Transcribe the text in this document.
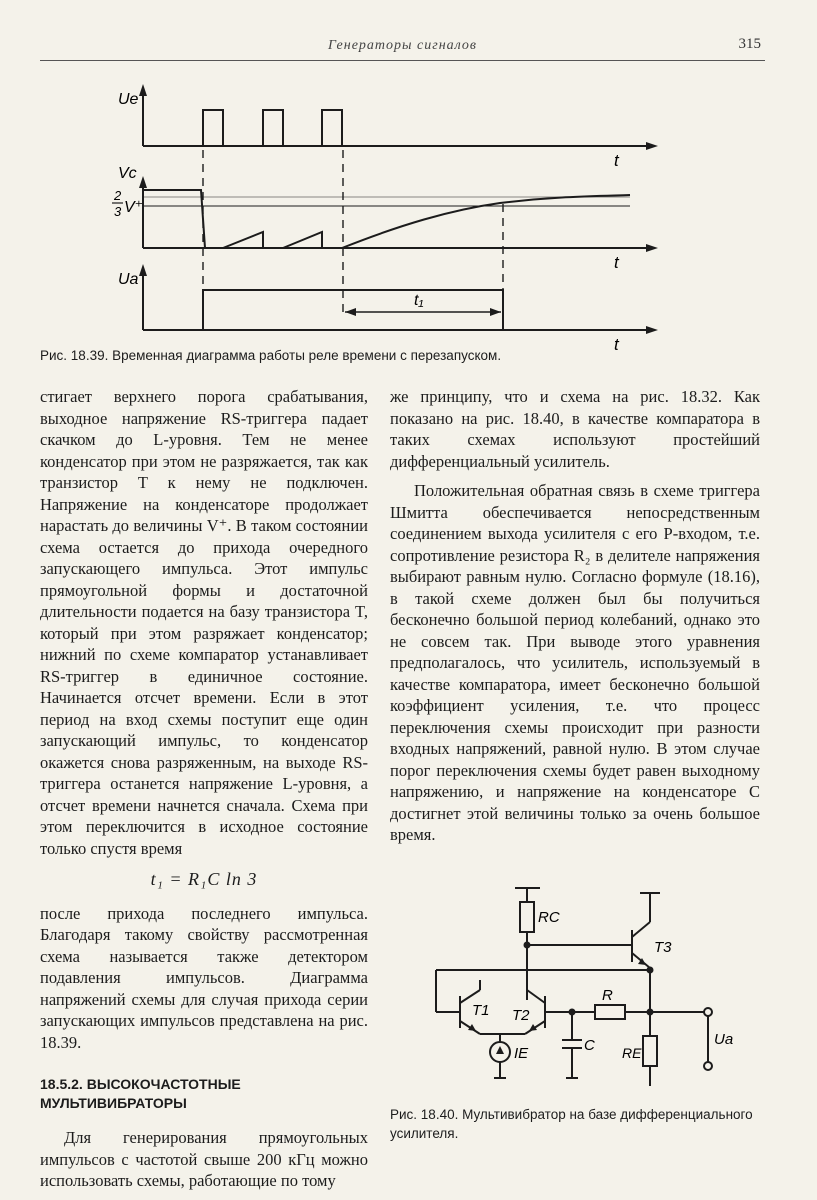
Генераторы сигналов	315
Ue
Vc
2
3 V⁺
Ua
t₁
t
t
t
Рис. 18.39. Временная диаграмма работы реле времени с перезапуском.

стигает верхнего порога срабатывания, выходное напряжение RS-триггера падает скачком до L-уровня. Тем не менее конденсатор при этом не разряжается, так как транзистор T к нему не подключен. Напряжение на конденсаторе продолжает нарастать до величины V⁺. В таком состоянии схема остается до прихода очередного запускающего импульса. Этот импульс прямоугольной формы и достаточной длительности подается на базу транзистора T, который при этом разряжает конденсатор; нижний по схеме компаратор устанавливает RS-триггер в единичное состояние. Начинается отсчет времени. Если в этот период на вход схемы поступит еще один запускающий импульс, то конденсатор окажется снова разряженным, на выходе RS-триггера останется напряжение L-уровня, а отсчет времени начнется сначала. Схема при этом переключится в исходное состояние только спустя время

t₁ = R₁C ln 3

после прихода последнего импульса. Благодаря такому свойству рассмотренная схема называется также детектором подавления импульсов. Диаграмма напряжений схемы для случая прихода серии запускающих импульсов представлена на рис. 18.39.

18.5.2. ВЫСОКОЧАСТОТНЫЕ МУЛЬТИВИБРАТОРЫ

Для генерирования прямоугольных импульсов с частотой свыше 200 кГц можно использовать схемы, работающие по тому

же принципу, что и схема на рис. 18.32. Как показано на рис. 18.40, в качестве компаратора в таких схемах используют простейший дифференциальный усилитель.

Положительная обратная связь в схеме триггера Шмитта обеспечивается непосредственным соединением выхода усилителя с его P-входом, т.е. сопротивление резистора R₂ в делителе напряжения выбирают равным нулю. Согласно формуле (18.16), в такой схеме должен был бы получиться бесконечно большой период колебаний, однако это не совсем так. При выводе этого уравнения предполагалось, что усилитель, используемый в качестве компаратора, имеет бесконечно большой коэффициент усиления, т.е. что процесс переключения схемы происходит при разности входных напряжений, равной нулю. В этом случае порог переключения схемы будет равен выходному напряжению, и напряжение на конденсаторе C достигнет этой величины только за очень большое время.

RC
T3
R
T1 T2
IE	C RE
Ua
Рис. 18.40. Мультивибратор на базе дифференциального усилителя.
